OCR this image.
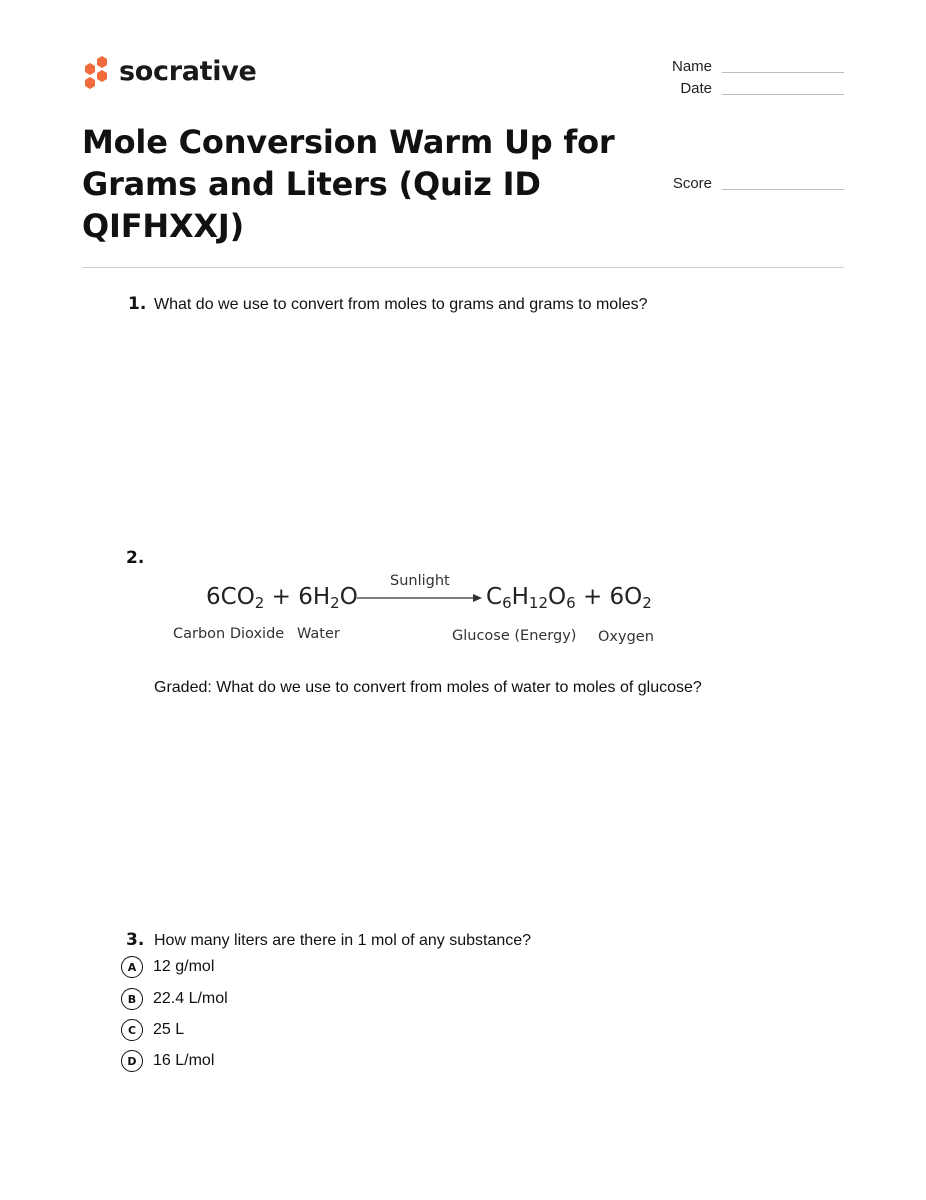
socrative	Name
Date
Score
Mole Conversion Warm Up for Grams and Liters (Quiz ID QIFHXXJ)
1. What do we use to convert from moles to grams and grams to moles?
2.
$6CO_2 + 6H_2O$
Sunlight
$C_6H_{12}O_6 + 6O_2$
Carbon Dioxide Water	Glucose (Energy) Oxygen
Graded: What do we use to convert from moles of water to moles of glucose?
3. How many liters are there in 1 mol of any substance?
A	12 g/mol
B	22.4 L/mol
C	25 L
D	16 L/mol
